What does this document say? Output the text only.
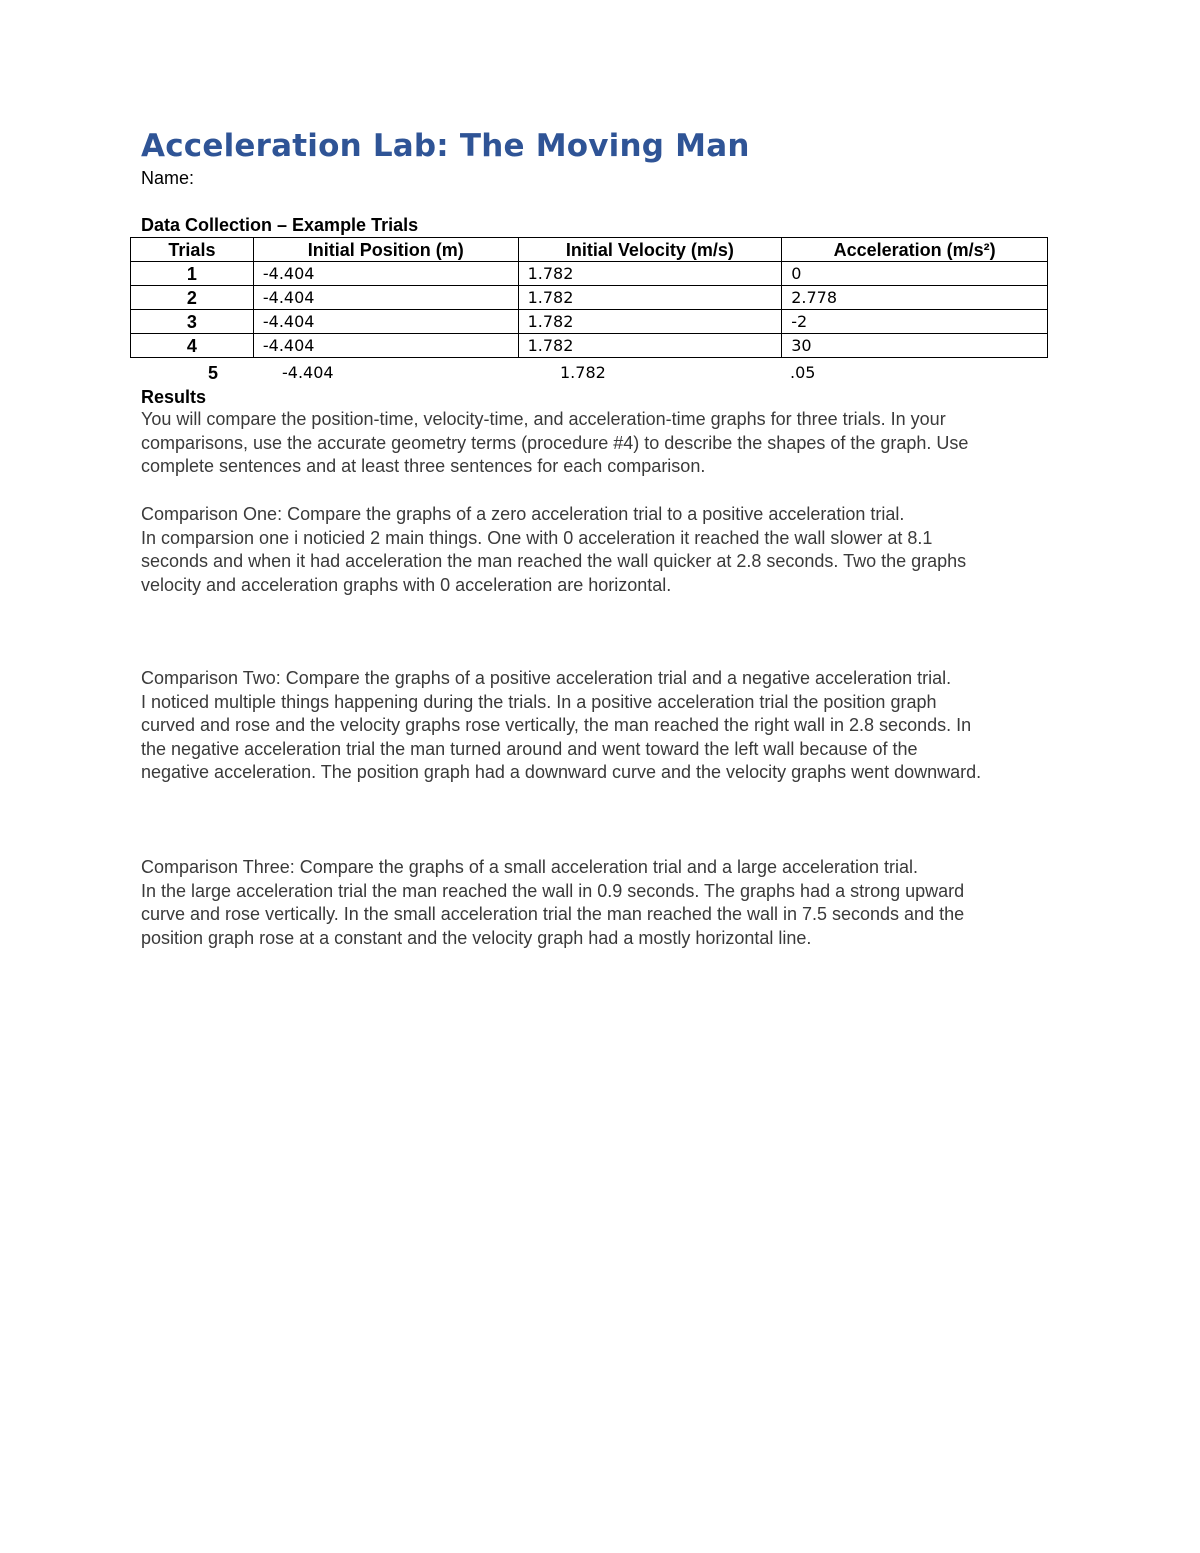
Acceleration Lab: The Moving Man
Name:
Data Collection – Example Trials
Trials	Initial Position (m)	Initial Velocity (m/s)	Acceleration (m/s²)
1	-4.404	1.782	0
2	-4.404	1.782	2.778
3	-4.404	1.782	-2
4	-4.404	1.782	30
5	-4.404	1.782	.05
Results

You will compare the position-time, velocity-time, and acceleration-time graphs for three trials. In your
comparisons, use the accurate geometry terms (procedure #4) to describe the shapes of the graph. Use
complete sentences and at least three sentences for each comparison.

Comparison One: Compare the graphs of a zero acceleration trial to a positive acceleration trial.
In comparsion one i noticied 2 main things. One with 0 acceleration it reached the wall slower at 8.1
seconds and when it had acceleration the man reached the wall quicker at 2.8 seconds. Two the graphs
velocity and acceleration graphs with 0 acceleration are horizontal.

Comparison Two: Compare the graphs of a positive acceleration trial and a negative acceleration trial.
I noticed multiple things happening during the trials. In a positive acceleration trial the position graph
curved and rose and the velocity graphs rose vertically, the man reached the right wall in 2.8 seconds. In
the negative acceleration trial the man turned around and went toward the left wall because of the
negative acceleration. The position graph had a downward curve and the velocity graphs went downward.

Comparison Three: Compare the graphs of a small acceleration trial and a large acceleration trial.
In the large acceleration trial the man reached the wall in 0.9 seconds. The graphs had a strong upward
curve and rose vertically. In the small acceleration trial the man reached the wall in 7.5 seconds and the
position graph rose at a constant and the velocity graph had a mostly horizontal line.
